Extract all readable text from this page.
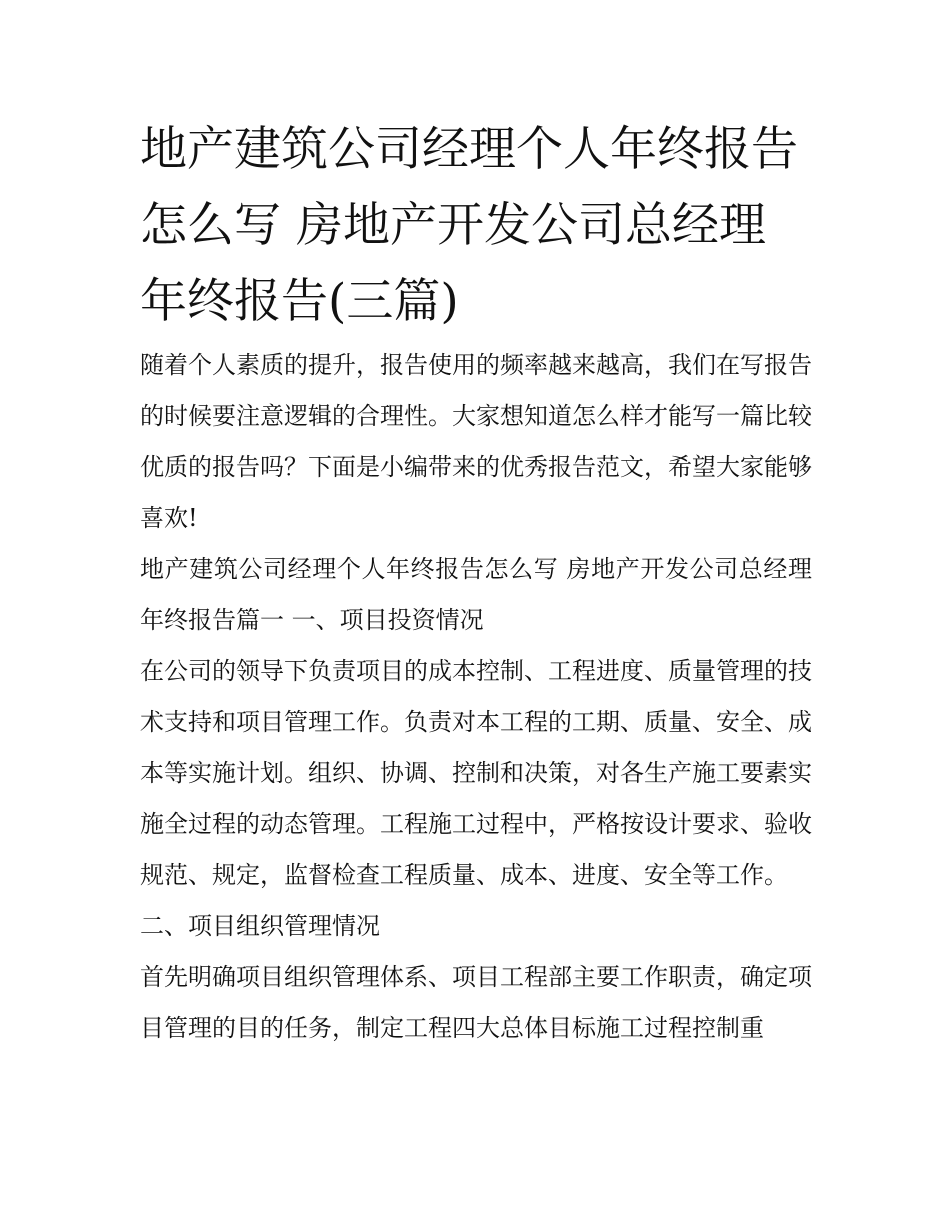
地产建筑公司经理个人年终报告怎么写 房地产开发公司总经理年终报告(三篇)

随着个人素质的提升，报告使用的频率越来越高，我们在写报告的时候要注意逻辑的合理性。大家想知道怎么样才能写一篇比较优质的报告吗？下面是小编带来的优秀报告范文，希望大家能够喜欢!

地产建筑公司经理个人年终报告怎么写 房地产开发公司总经理年终报告篇一 一、项目投资情况

在公司的领导下负责项目的成本控制、工程进度、质量管理的技术支持和项目管理工作。负责对本工程的工期、质量、安全、成本等实施计划。组织、协调、控制和决策，对各生产施工要素实施全过程的动态管理。工程施工过程中，严格按设计要求、验收规范、规定，监督检查工程质量、成本、进度、安全等工作。

二、项目组织管理情况

首先明确项目组织管理体系、项目工程部主要工作职责，确定项目管理的目的任务，制定工程四大总体目标施工过程控制重
